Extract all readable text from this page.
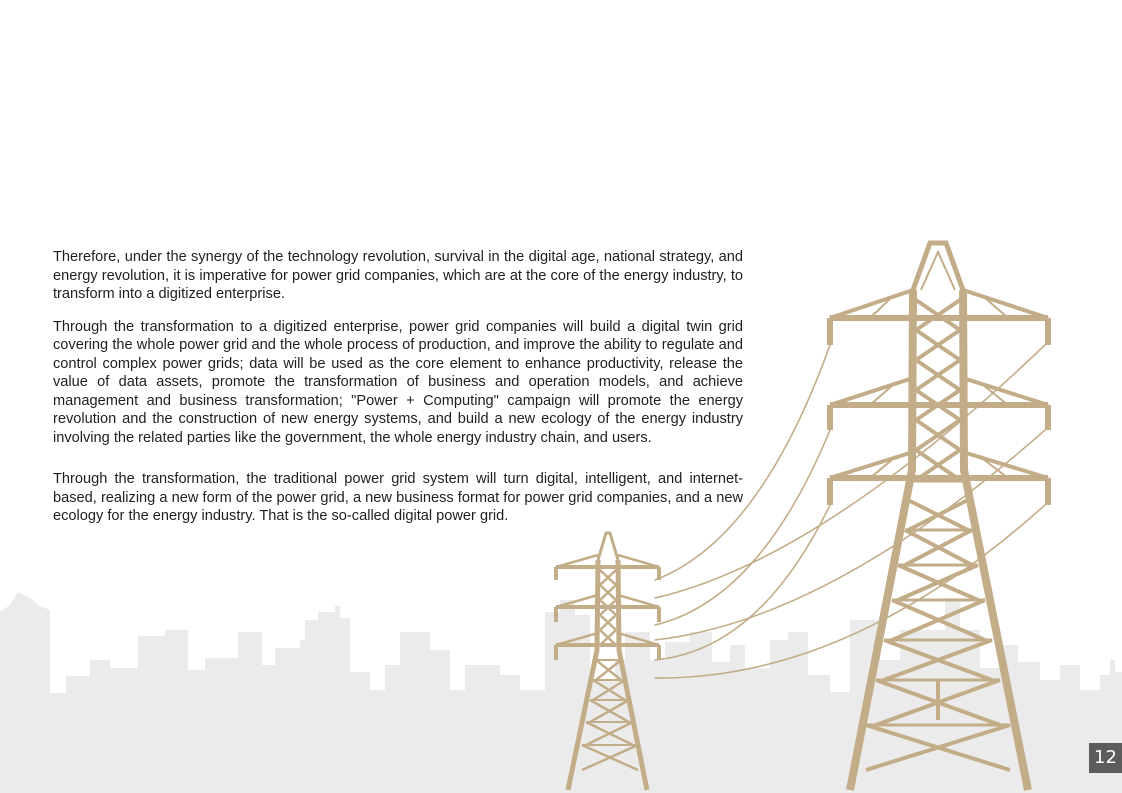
Therefore, under the synergy of the technology revolution, survival in the digital age, national strategy, and energy revolution, it is imperative for power grid companies, which are at the core of the energy industry, to transform into a digitized enterprise.

Through the transformation to a digitized enterprise, power grid companies will build a digital twin grid covering the whole power grid and the whole process of production, and improve the ability to regulate and control complex power grids; data will be used as the core element to enhance productivity, release the value of data assets, promote the transformation of business and operation models, and achieve management and business transformation; "Power + Computing" campaign will promote the energy revolution and the construction of new energy systems, and build a new ecology of the energy industry involving the related parties like the government, the whole energy industry chain, and users.

Through the transformation, the traditional power grid system will turn digital, intelligent, and internet-based, realizing a new form of the power grid, a new business format for power grid companies, and a new ecology for the energy industry. That is the so-called digital power grid.

12
